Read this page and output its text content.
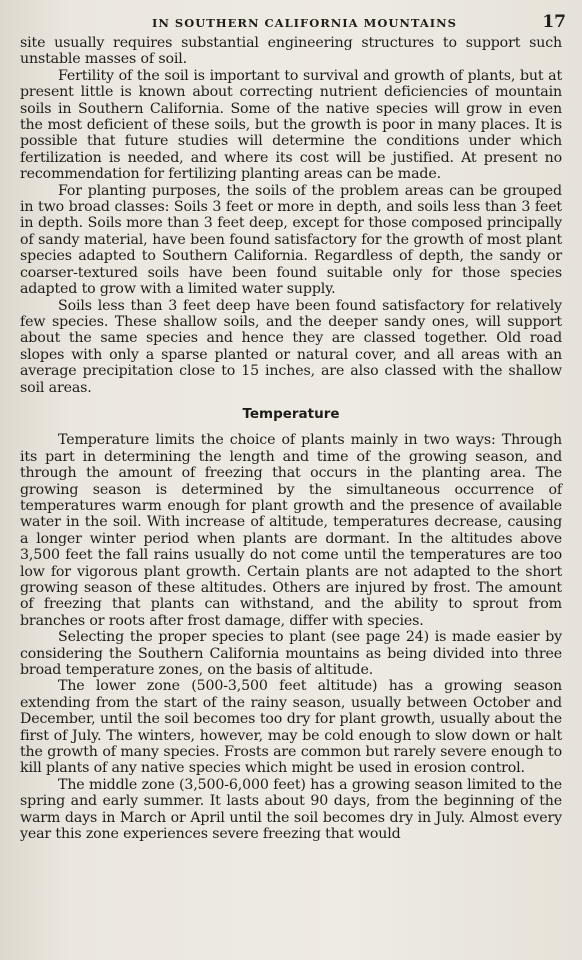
IN SOUTHERN CALIFORNIA MOUNTAINS	17

site usually requires substantial engineering structures to support such unstable masses of soil.

Fertility of the soil is important to survival and growth of plants, but at present little is known about correcting nutrient deficiencies of mountain soils in Southern California. Some of the native species will grow in even the most deficient of these soils, but the growth is poor in many places. It is possible that future studies will determine the conditions under which fertilization is needed, and where its cost will be justified. At present no recommendation for fertilizing planting areas can be made.

For planting purposes, the soils of the problem areas can be grouped in two broad classes: Soils 3 feet or more in depth, and soils less than 3 feet in depth. Soils more than 3 feet deep, except for those composed principally of sandy material, have been found satisfactory for the growth of most plant species adapted to Southern California. Regardless of depth, the sandy or coarser-textured soils have been found suitable only for those species adapted to grow with a limited water supply.

Soils less than 3 feet deep have been found satisfactory for relatively few species. These shallow soils, and the deeper sandy ones, will support about the same species and hence they are classed together. Old road slopes with only a sparse planted or natural cover, and all areas with an average precipitation close to 15 inches, are also classed with the shallow soil areas.

Temperature

Temperature limits the choice of plants mainly in two ways: Through its part in determining the length and time of the growing season, and through the amount of freezing that occurs in the planting area. The growing season is determined by the simultaneous occurrence of temperatures warm enough for plant growth and the presence of available water in the soil. With increase of altitude, temperatures decrease, causing a longer winter period when plants are dormant. In the altitudes above 3,500 feet the fall rains usually do not come until the temperatures are too low for vigorous plant growth. Certain plants are not adapted to the short growing season of these altitudes. Others are injured by frost. The amount of freezing that plants can withstand, and the ability to sprout from branches or roots after frost damage, differ with species.

Selecting the proper species to plant (see page 24) is made easier by considering the Southern California mountains as being divided into three broad temperature zones, on the basis of altitude.

The lower zone (500-3,500 feet altitude) has a growing season extending from the start of the rainy season, usually between October and December, until the soil becomes too dry for plant growth, usually about the first of July. The winters, however, may be cold enough to slow down or halt the growth of many species. Frosts are common but rarely severe enough to kill plants of any native species which might be used in erosion control.

The middle zone (3,500-6,000 feet) has a growing season limited to the spring and early summer. It lasts about 90 days, from the beginning of the warm days in March or April until the soil becomes dry in July. Almost every year this zone experiences severe freezing that would
